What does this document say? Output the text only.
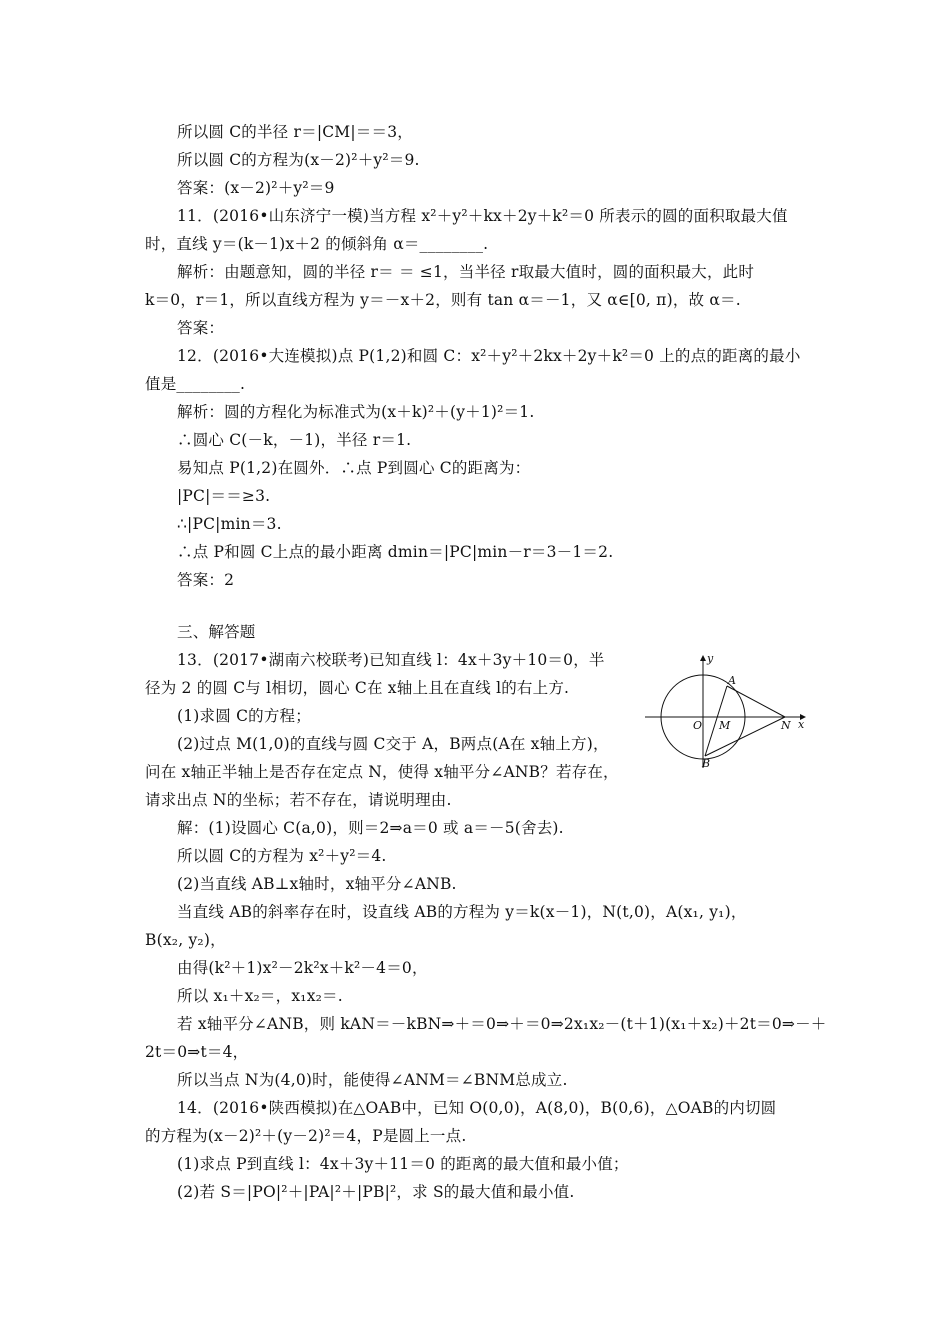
所以圆 C的半径 r＝|CM|＝＝3，
所以圆 C的方程为(x－2)²＋y²＝9.
答案：(x－2)²＋y²＝9
11．(2016•山东济宁一模)当方程 x²＋y²＋kx＋2y＋k²＝0 所表示的圆的面积取最大值
时，直线 y＝(k－1)x＋2 的倾斜角 α＝________.
解析：由题意知，圆的半径 r＝ ＝ ≤1，当半径 r取最大值时，圆的面积最大，此时
k＝0，r＝1，所以直线方程为 y＝－x＋2，则有 tan α＝－1，又 α∈[0, π)，故 α＝.
答案：
12．(2016•大连模拟)点 P(1,2)和圆 C：x²＋y²＋2kx＋2y＋k²＝0 上的点的距离的最小
值是________.
解析：圆的方程化为标准式为(x＋k)²＋(y＋1)²＝1.
∴圆心 C(－k，－1)，半径 r＝1.
易知点 P(1,2)在圆外．∴点 P到圆心 C的距离为：
|PC|＝＝≥3.
∴|PC|min＝3.
∴点 P和圆 C上点的最小距离 dmin＝|PC|min－r＝3－1＝2.
答案：2
三、解答题
13．(2017•湖南六校联考)已知直线 l：4x＋3y＋10＝0，半
径为 2 的圆 C与 l相切，圆心 C在 x轴上且在直线 l的右上方.
(1)求圆 C的方程；
(2)过点 M(1,0)的直线与圆 C交于 A，B两点(A在 x轴上方)，
问在 x轴正半轴上是否存在定点 N，使得 x轴平分∠ANB？若存在，
请求出点 N的坐标；若不存在，请说明理由.
解：(1)设圆心 C(a,0)，则＝2⇒a＝0 或 a＝－5(舍去).
所以圆 C的方程为 x²＋y²＝4.
(2)当直线 AB⊥x轴时，x轴平分∠ANB.
当直线 AB的斜率存在时，设直线 AB的方程为 y＝k(x－1)，N(t,0)，A(x₁, y₁)，
B(x₂, y₂)，
由得(k²＋1)x²－2k²x＋k²－4＝0，
所以 x₁＋x₂＝，x₁x₂＝.
若 x轴平分∠ANB，则 kAN＝－kBN⇒＋＝0⇒＋＝0⇒2x₁x₂－(t＋1)(x₁＋x₂)＋2t＝0⇒－＋
2t＝0⇒t＝4，
所以当点 N为(4,0)时，能使得∠ANM＝∠BNM总成立.
14．(2016•陕西模拟)在△OAB中，已知 O(0,0)，A(8,0)，B(0,6)，△OAB的内切圆
的方程为(x－2)²＋(y－2)²＝4，P是圆上一点.
(1)求点 P到直线 l：4x＋3y＋11＝0 的距离的最大值和最小值；
(2)若 S＝|PO|²＋|PA|²＋|PB|²，求 S的最大值和最小值.
y
x
O M	N
A
B
